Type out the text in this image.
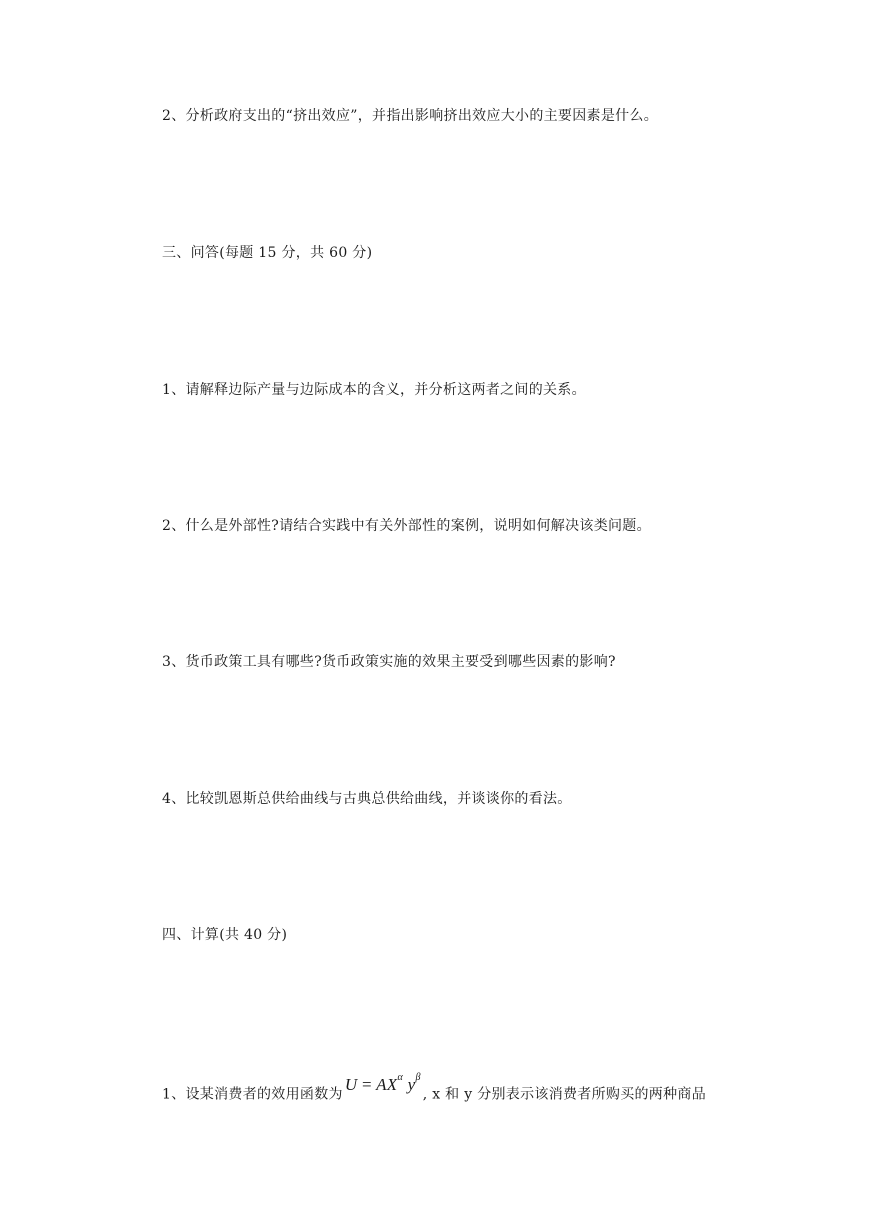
2、分析政府支出的“挤出效应”，并指出影响挤出效应大小的主要因素是什么。
三、问答(每题 15 分，共 60 分)
1、请解释边际产量与边际成本的含义，并分析这两者之间的关系。
2、什么是外部性?请结合实践中有关外部性的案例，说明如何解决该类问题。
3、货币政策工具有哪些?货币政策实施的效果主要受到哪些因素的影响?
4、比较凯恩斯总供给曲线与古典总供给曲线，并谈谈你的看法。
四、计算(共 40 分)
1、设某消费者的效用函数为$U = AX^\alpha$ $y^\beta$, x 和 y 分别表示该消费者所购买的两种商品
